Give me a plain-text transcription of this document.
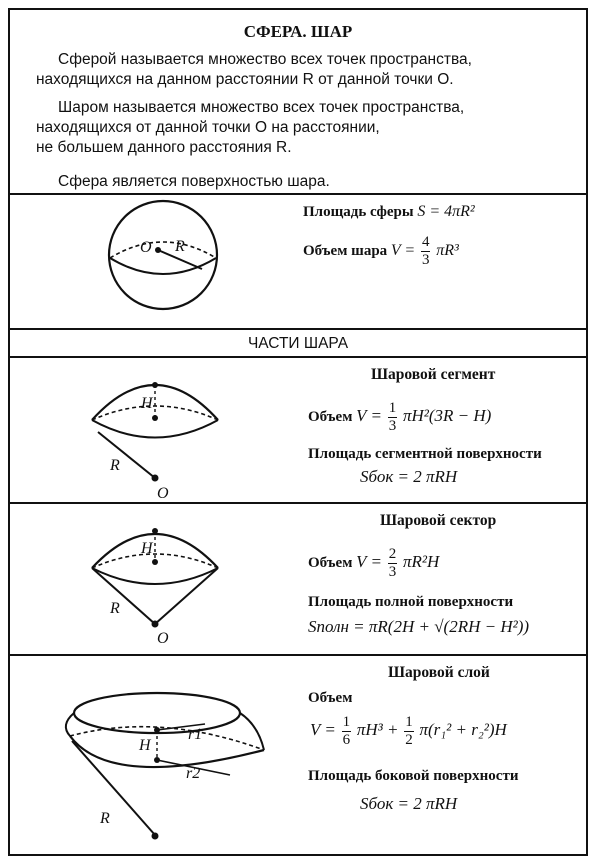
СФЕРА. ШАР
Сферой называется множество всех точек пространства,
находящихся на данном расстоянии R от данной точки O.
Шаром называется множество всех точек пространства,
находящихся от данной точки O на расстоянии,
не большем данного расстояния R.
Сфера является поверхностью шара.
O R
Площадь сферы S = 4πR²
Объем шара $V = \frac{4}{3} \pi R^3$
ЧАСТИ ШАРА
H
R
O
Шаровой сегмент
Объем $V = \frac{1}{3} \pi H^2(3R - H)$
Площадь сегментной поверхности
Sбок = 2 πRH
H
R
O
Шаровой сектор
Объем $V = \frac{2}{3} \pi R^2H$
Площадь полной поверхности
Sполн = πR(2H + √(2RH − H²))
H
r1
r2
R
Шаровой слой
Объем
$V = \frac{1}{6} \pi H^3 + \frac{1}{2} \pi(r_1^2 + r_2^2)H$
Площадь боковой поверхности
Sбок = 2 πRH
